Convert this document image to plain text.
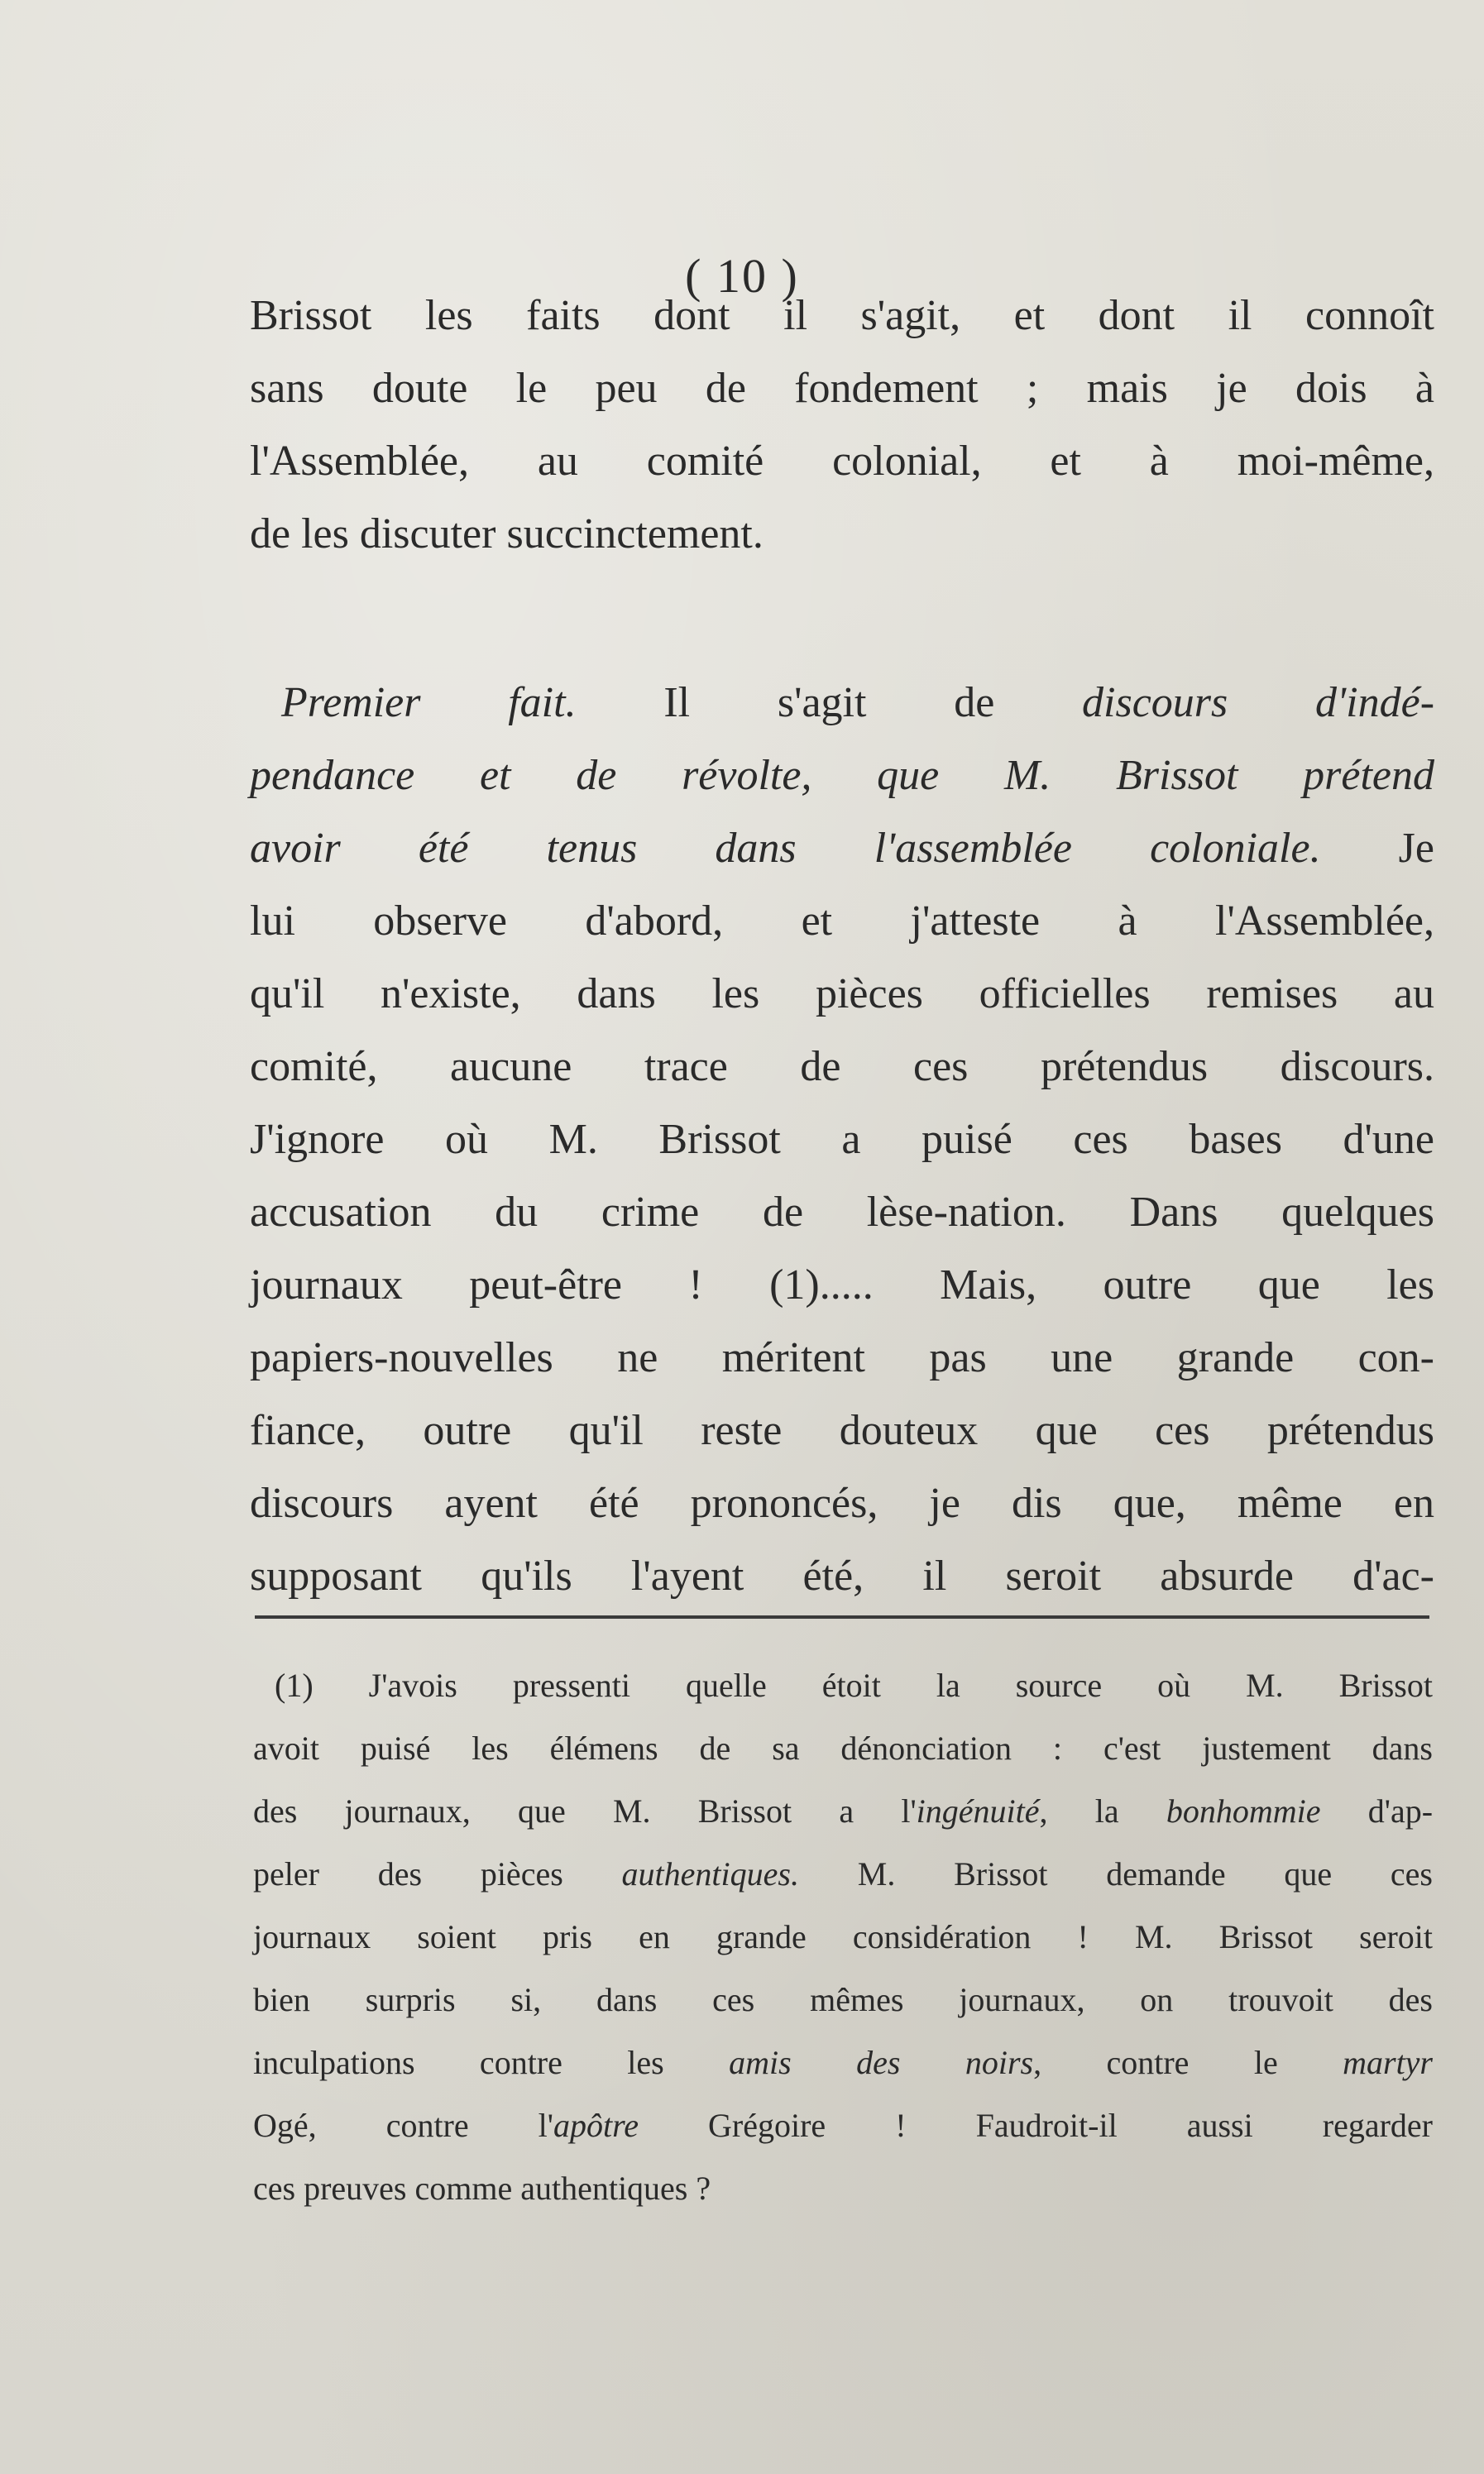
( 10 )

Brissot les faits dont il s'agit, et dont il connoît
sans doute le peu de fondement ; mais je dois à
l'Assemblée, au comité colonial, et à moi-même,
de les discuter succinctement.

Premier fait. Il s'agit de discours d'indé-
pendance et de révolte, que M. Brissot prétend
avoir été tenus dans l'assemblée coloniale. Je
lui observe d'abord, et j'atteste à l'Assemblée,
qu'il n'existe, dans les pièces officielles remises au
comité, aucune trace de ces prétendus discours.
J'ignore où M. Brissot a puisé ces bases d'une
accusation du crime de lèse-nation. Dans quelques
journaux peut-être ! (1)..... Mais, outre que les
papiers-nouvelles ne méritent pas une grande con-
fiance, outre qu'il reste douteux que ces prétendus
discours ayent été prononcés, je dis que, même en
supposant qu'ils l'ayent été, il seroit absurde d'ac-

(1) J'avois pressenti quelle étoit la source où M. Brissot
avoit puisé les élémens de sa dénonciation : c'est justement dans
des journaux, que M. Brissot a l'ingénuité, la bonhommie d'ap-
peler des pièces authentiques. M. Brissot demande que ces
journaux soient pris en grande considération ! M. Brissot seroit
bien surpris si, dans ces mêmes journaux, on trouvoit des
inculpations contre les amis des noirs, contre le martyr
Ogé, contre l'apôtre Grégoire ! Faudroit-il aussi regarder
ces preuves comme authentiques ?
